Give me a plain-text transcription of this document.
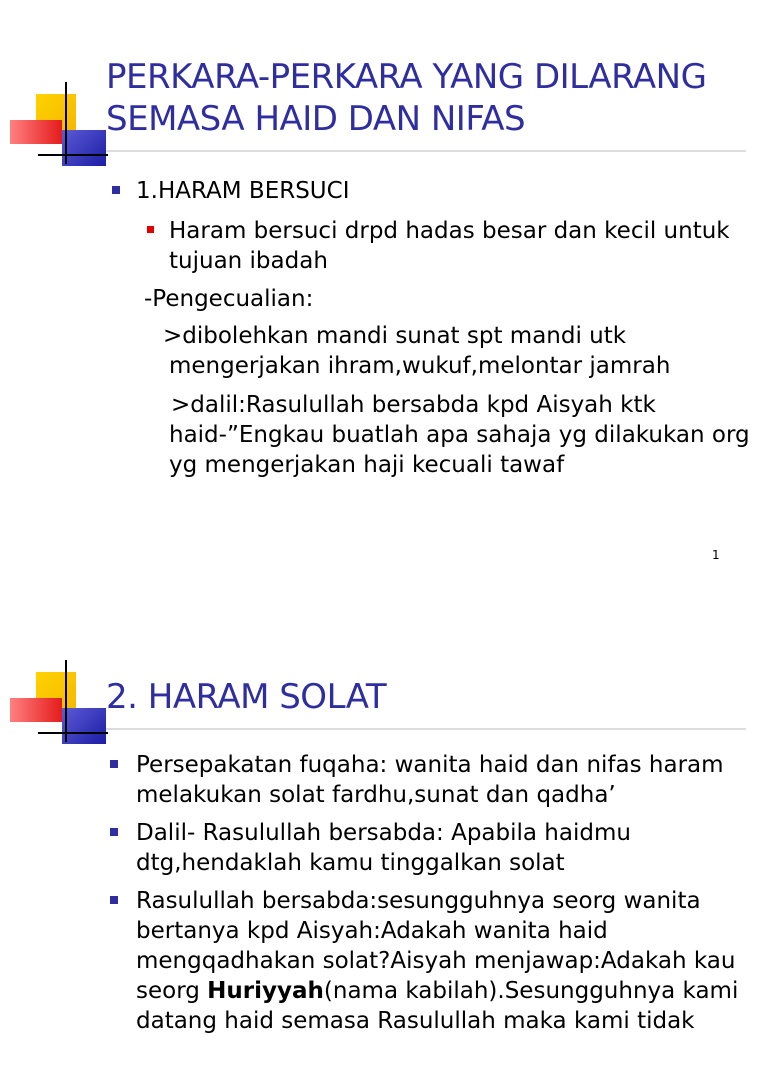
PERKARA-PERKARA YANG DILARANG
SEMASA HAID DAN NIFAS

1.HARAM BERSUCI

Haram bersuci drpd hadas besar dan kecil untuk
tujuan ibadah

-Pengecualian:

>dibolehkan mandi sunat spt mandi utk
mengerjakan ihram,wukuf,melontar jamrah

>dalil:Rasulullah bersabda kpd Aisyah ktk
haid-”Engkau buatlah apa sahaja yg dilakukan org
yg mengerjakan haji kecuali tawaf

1
2. HARAM SOLAT

Persepakatan fuqaha: wanita haid dan nifas haram
melakukan solat fardhu,sunat dan qadha’

Dalil- Rasulullah bersabda: Apabila haidmu
dtg,hendaklah kamu tinggalkan solat

Rasulullah bersabda:sesungguhnya seorg wanita
bertanya kpd Aisyah:Adakah wanita haid
mengqadhakan solat?Aisyah menjawap:Adakah kau
seorg Huriyyah(nama kabilah).Sesungguhnya kami
datang haid semasa Rasulullah maka kami tidak
